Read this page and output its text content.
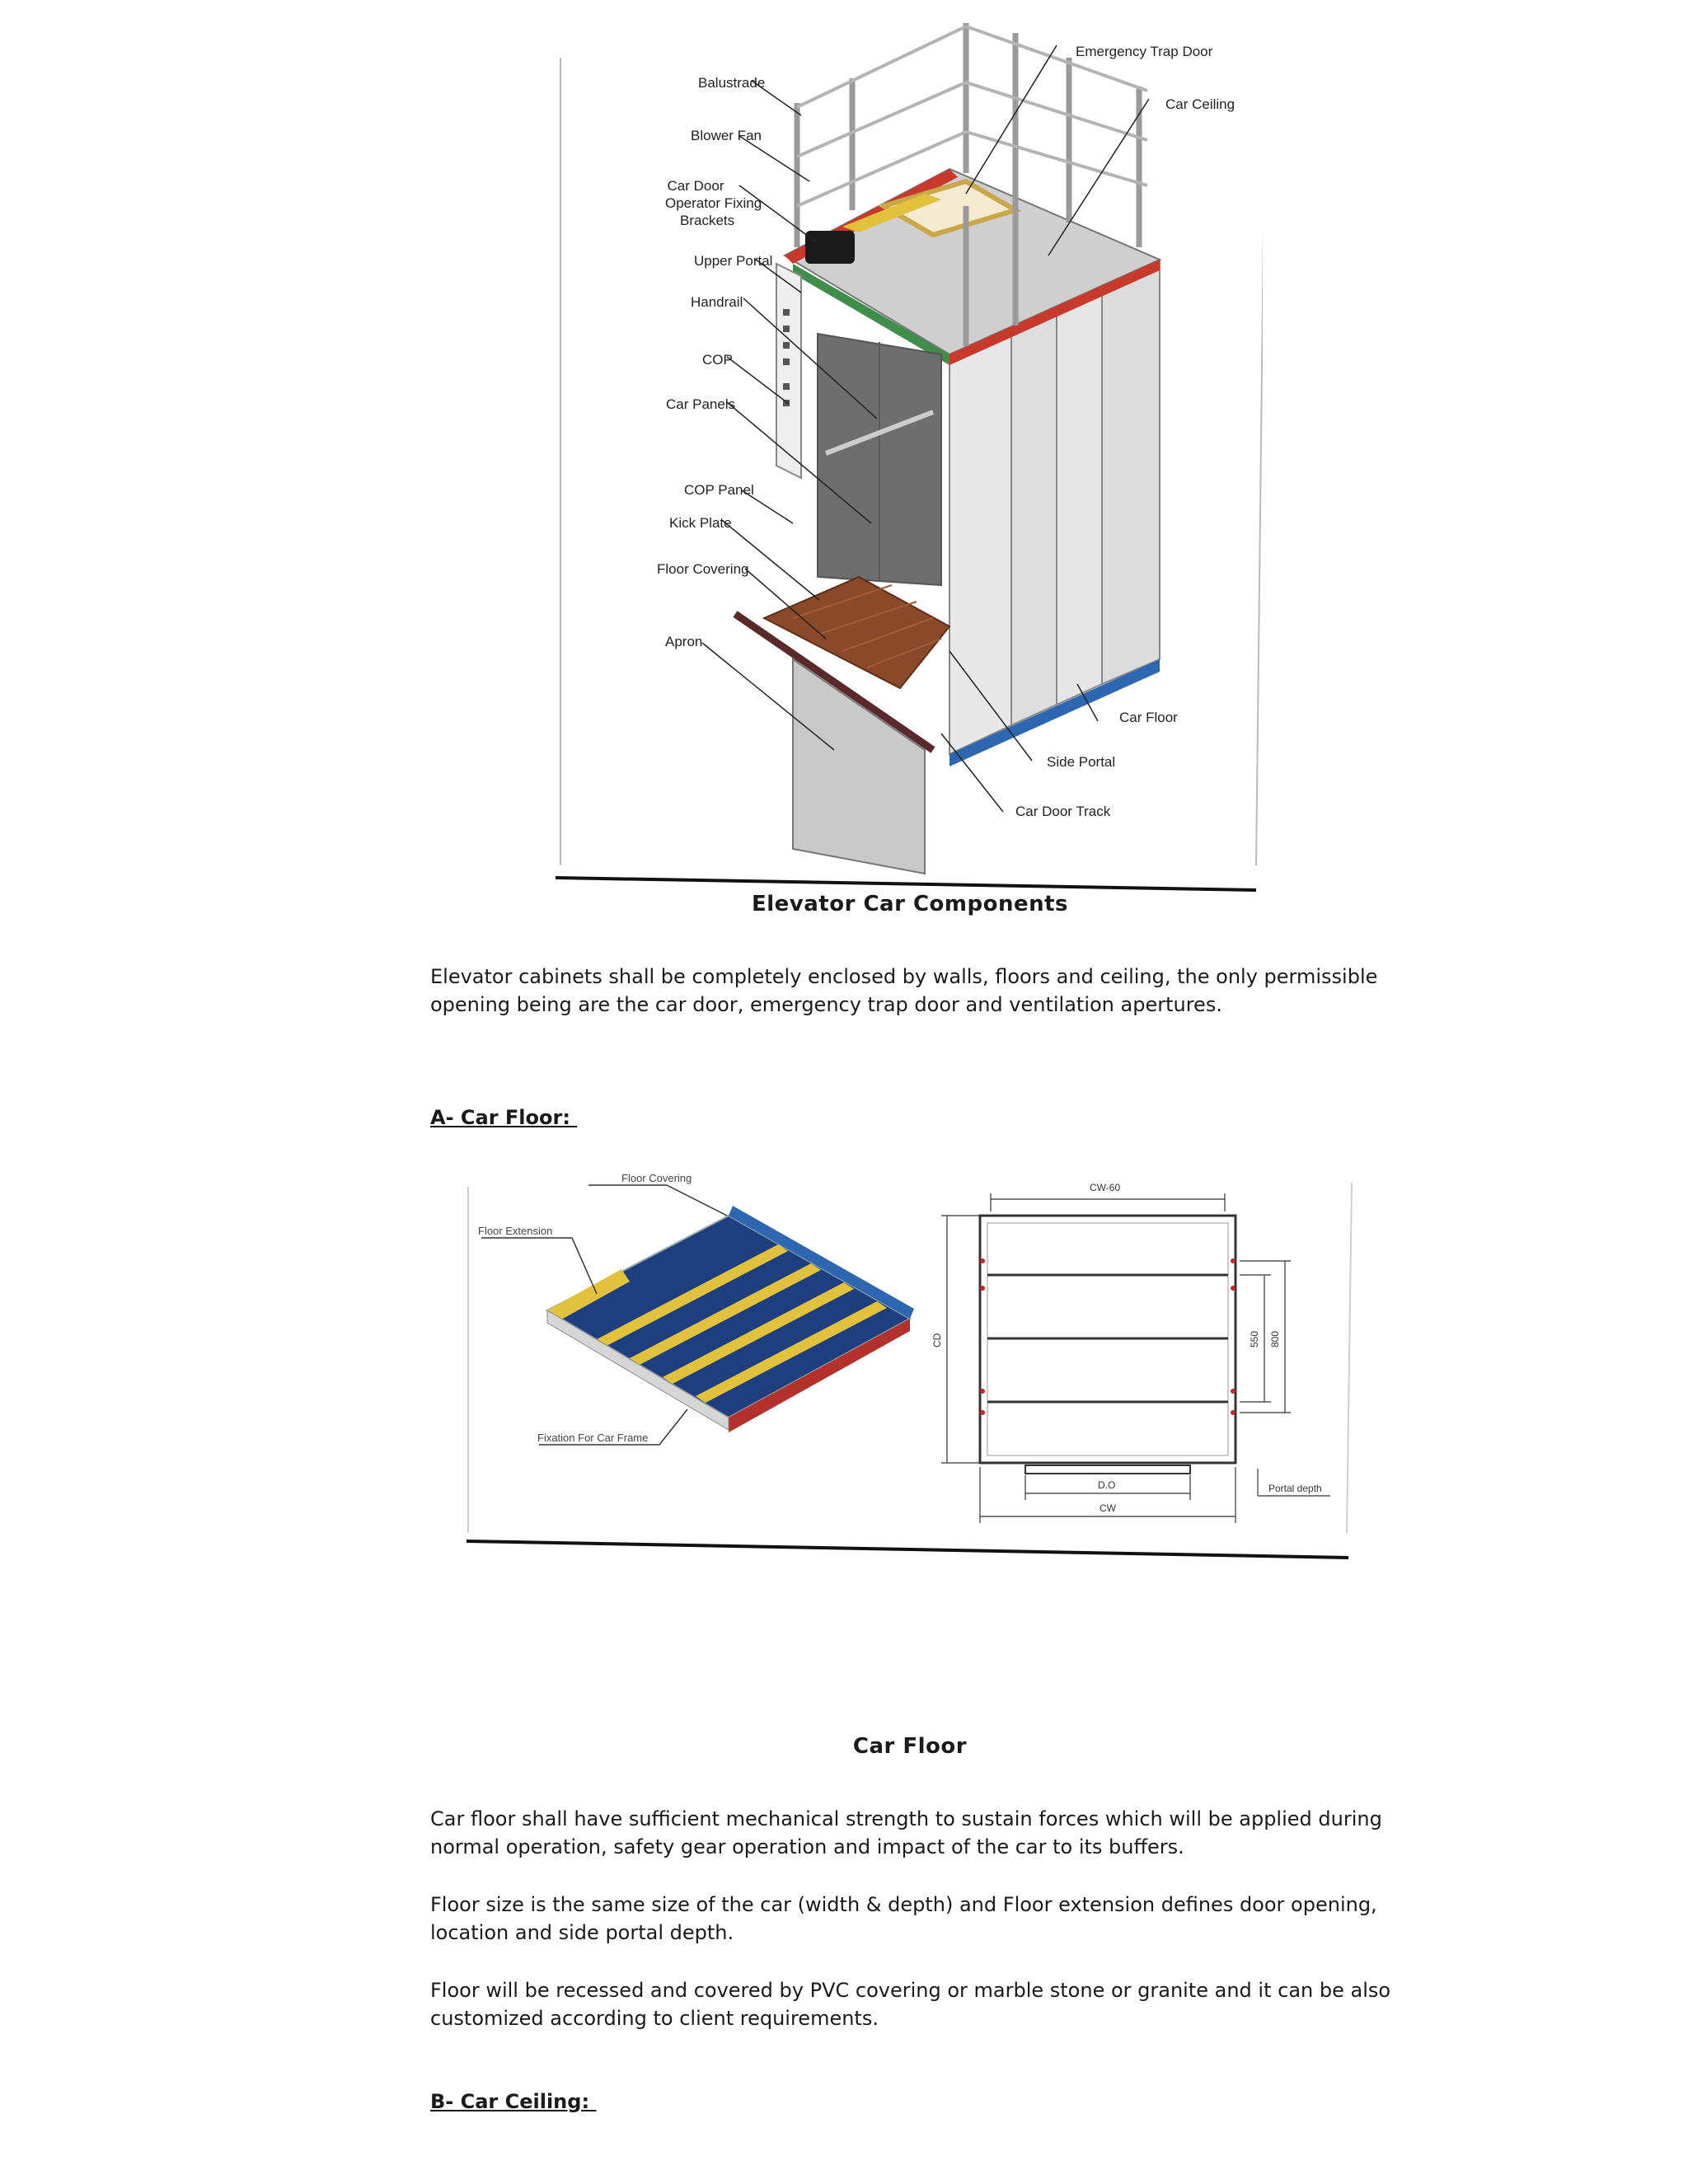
Balustrade
Blower Fan
Car Door
Operator Fixing
Brackets
Upper Portal
Handrail
COP
Car Panels
COP Panel
Kick Plate
Floor Covering
Apron
Emergency Trap Door
Car Ceiling
Car Floor
Side Portal
Car Door Track
Elevator Car Components

Elevator cabinets shall be completely enclosed by walls, floors and ceiling, the only permissible opening being are the car door, emergency trap door and ventilation apertures.

A- Car Floor:

Floor Covering
Floor Extension
Fixation For Car Frame
CW-60
CD	550 800
D.O
CW
Portal depth
Car Floor

Car floor shall have sufficient mechanical strength to sustain forces which will be applied during normal operation, safety gear operation and impact of the car to its buffers.

Floor size is the same size of the car (width & depth) and Floor extension defines door opening, location and side portal depth.

Floor will be recessed and covered by PVC covering or marble stone or granite and it can be also customized according to client requirements.

B- Car Ceiling:
